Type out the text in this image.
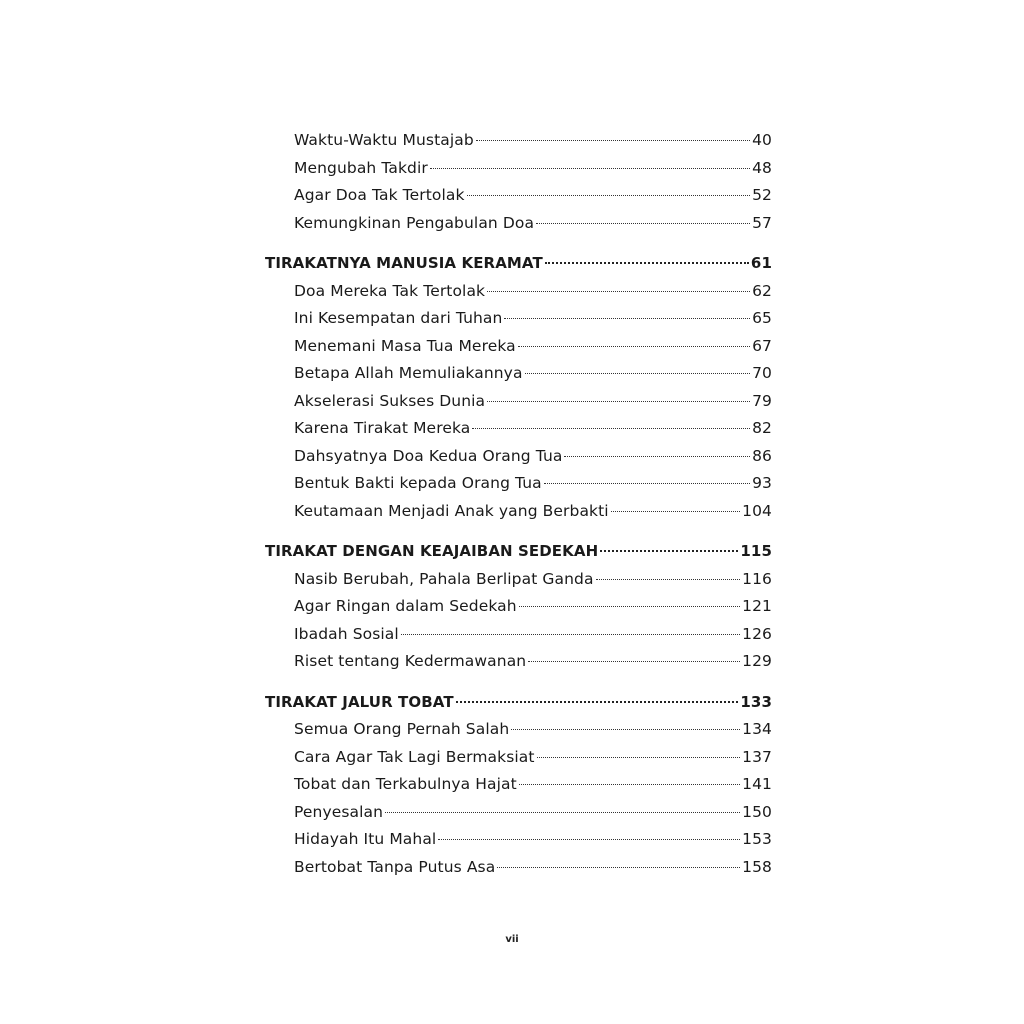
Waktu-Waktu Mustajab	40
Mengubah Takdir	48
Agar Doa Tak Tertolak	52
Kemungkinan Pengabulan Doa	57
TIRAKATNYA MANUSIA KERAMAT	61
Doa Mereka Tak Tertolak	62
Ini Kesempatan dari Tuhan	65
Menemani Masa Tua Mereka	67
Betapa Allah Memuliakannya	70
Akselerasi Sukses Dunia	79
Karena Tirakat Mereka	82
Dahsyatnya Doa Kedua Orang Tua	86
Bentuk Bakti kepada Orang Tua	93
Keutamaan Menjadi Anak yang Berbakti	104
TIRAKAT DENGAN KEAJAIBAN SEDEKAH	115
Nasib Berubah, Pahala Berlipat Ganda	116
Agar Ringan dalam Sedekah	121
Ibadah Sosial	126
Riset tentang Kedermawanan	129
TIRAKAT JALUR TOBAT	133
Semua Orang Pernah Salah	134
Cara Agar Tak Lagi Bermaksiat	137
Tobat dan Terkabulnya Hajat	141
Penyesalan	150
Hidayah Itu Mahal	153
Bertobat Tanpa Putus Asa	158
vii
